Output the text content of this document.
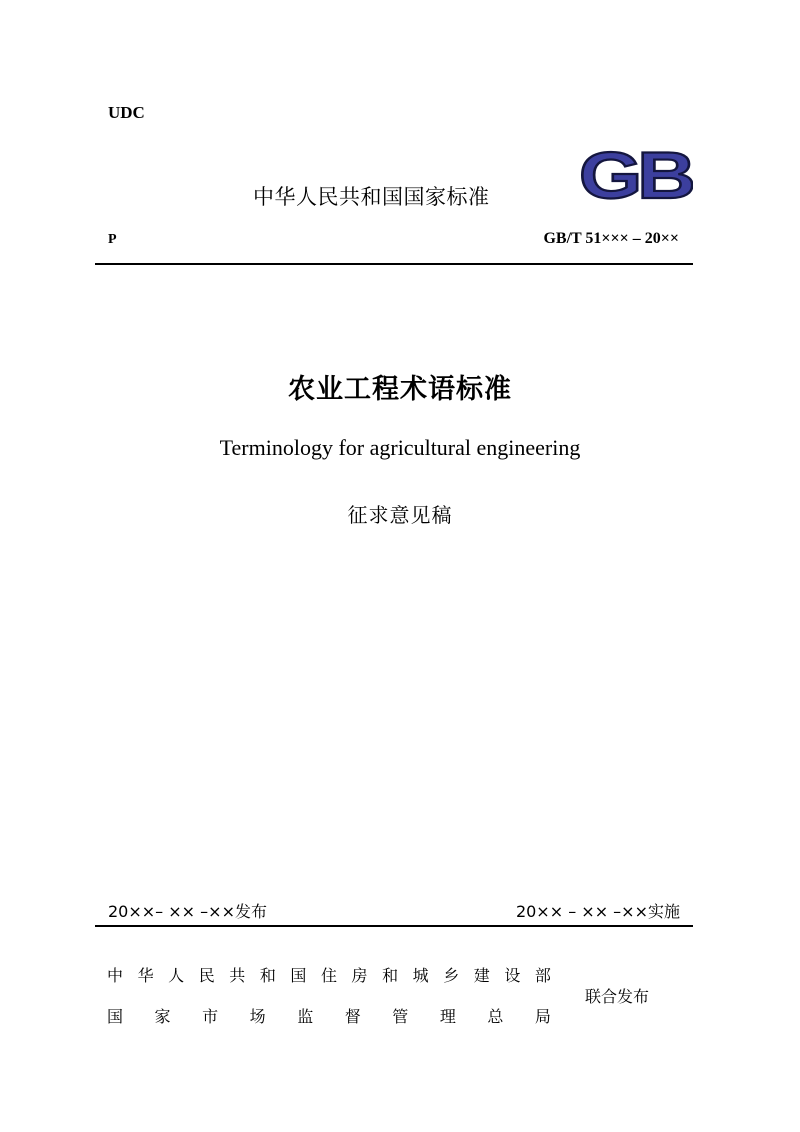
UDC
中华人民共和国国家标准 GB
P	GB/T 51××× – 20××
农业工程术语标准
Terminology for agricultural engineering
征求意见稿
20××– ×× –××发布	20×× – ×× –××实施
中 华 人 民 共 和 国 住 房 和 城 乡 建 设 部
国 家 市 场 监 督 管 理 总 局
联合发布
